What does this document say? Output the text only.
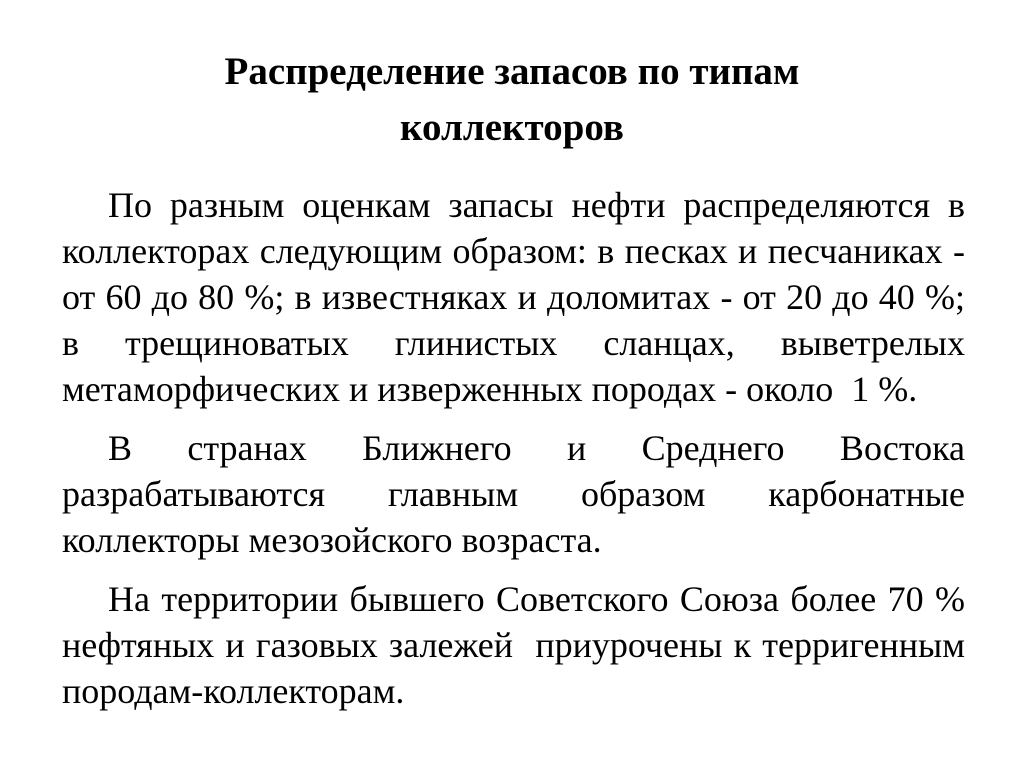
Распределение запасов по типам коллекторов

По разным оценкам запасы нефти распределяются в коллекторах следующим образом: в песках и песчаниках - от 60 до 80 %; в известняках и доломитах - от 20 до 40 %; в трещиноватых глинистых сланцах, выветрелых метаморфических и изверженных породах - около  1 %.

В странах Ближнего и Среднего Востока разрабатываются главным образом карбонатные коллекторы мезозойского возраста.

На территории бывшего Советского Союза более 70 % нефтяных и газовых залежей  приурочены к терригенным породам-коллекторам.
